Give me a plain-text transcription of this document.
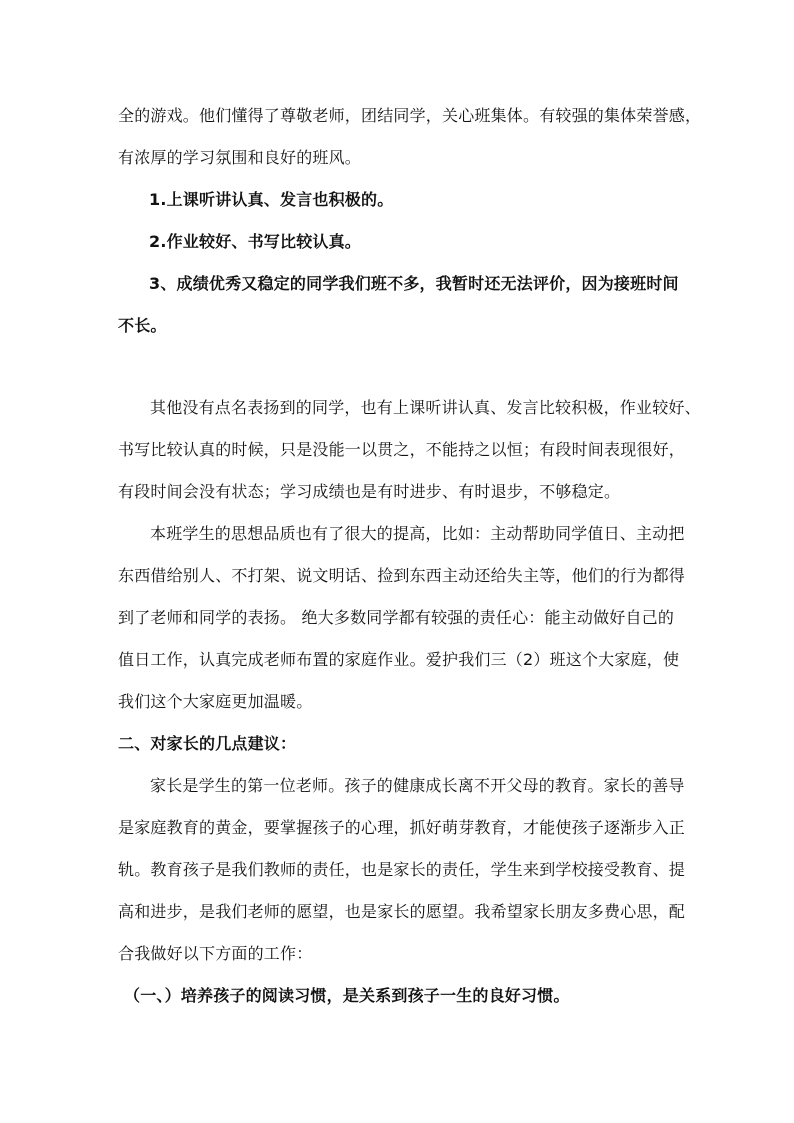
全的游戏。他们懂得了尊敬老师，团结同学，关心班集体。有较强的集体荣誉感，
有浓厚的学习氛围和良好的班风。
1.上课听讲认真、发言也积极的。
2.作业较好、书写比较认真。
3、成绩优秀又稳定的同学我们班不多，我暂时还无法评价，因为接班时间
不长。
其他没有点名表扬到的同学，也有上课听讲认真、发言比较积极，作业较好、
书写比较认真的时候，只是没能一以贯之，不能持之以恒；有段时间表现很好，
有段时间会没有状态；学习成绩也是有时进步、有时退步，不够稳定。
本班学生的思想品质也有了很大的提高，比如：主动帮助同学值日、主动把
东西借给别人、不打架、说文明话、捡到东西主动还给失主等，他们的行为都得
到了老师和同学的表扬。 绝大多数同学都有较强的责任心：能主动做好自己的
值日工作，认真完成老师布置的家庭作业。爱护我们三（2）班这个大家庭，使
我们这个大家庭更加温暖。
二、对家长的几点建议：
家长是学生的第一位老师。孩子的健康成长离不开父母的教育。家长的善导
是家庭教育的黄金，要掌握孩子的心理，抓好萌芽教育，才能使孩子逐渐步入正
轨。教育孩子是我们教师的责任，也是家长的责任，学生来到学校接受教育、提
高和进步，是我们老师的愿望，也是家长的愿望。我希望家长朋友多费心思，配
合我做好以下方面的工作：
（一、）培养孩子的阅读习惯，是关系到孩子一生的良好习惯。
